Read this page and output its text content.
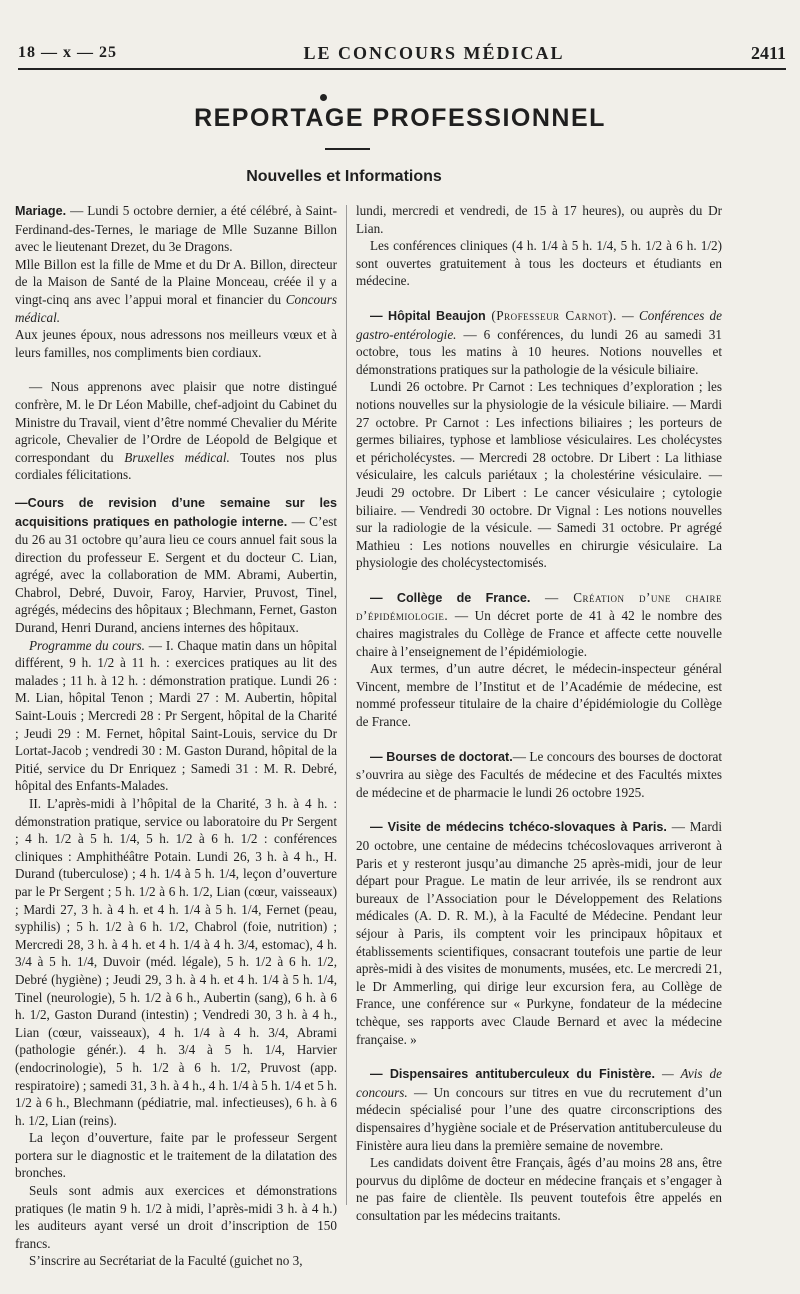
18 — x — 25	LE CONCOURS MÉDICAL	2411
REPORTAGE PROFESSIONNEL
Nouvelles et Informations

Mariage. — Lundi 5 octobre dernier, a été célébré, à Saint-Ferdinand-des-Ternes, le mariage de Mlle Suzanne Billon avec le lieutenant Drezet, du 3e Dragons.

Mlle Billon est la fille de Mme et du Dr A. Billon, directeur de la Maison de Santé de la Plaine Monceau, créée il y a vingt-cinq ans avec l’appui moral et financier du Concours médical.

Aux jeunes époux, nous adressons nos meilleurs vœux et à leurs familles, nos compliments bien cordiaux.

— Nous apprenons avec plaisir que notre distingué confrère, M. le Dr Léon Mabille, chef-adjoint du Cabinet du Ministre du Travail, vient d’être nommé Chevalier du Mérite agricole, Chevalier de l’Ordre de Léopold de Belgique et correspondant du Bruxelles médical. Toutes nos plus cordiales félicitations.

—Cours de revision d’une semaine sur les acquisitions pratiques en pathologie interne. — C’est du 26 au 31 octobre qu’aura lieu ce cours annuel fait sous la direction du professeur E. Sergent et du docteur C. Lian, agrégé, avec la collaboration de MM. Abrami, Aubertin, Chabrol, Debré, Duvoir, Faroy, Harvier, Pruvost, Tinel, agrégés, médecins des hôpitaux ; Blechmann, Fernet, Gaston Durand, Henri Durand, anciens internes des hôpitaux.

Programme du cours. — I. Chaque matin dans un hôpital différent, 9 h. 1/2 à 11 h. : exercices pratiques au lit des malades ; 11 h. à 12 h. : démonstration pratique. Lundi 26 : M. Lian, hôpital Tenon ; Mardi 27 : M. Aubertin, hôpital Saint-Louis ; Mercredi 28 : Pr Sergent, hôpital de la Charité ; Jeudi 29 : M. Fernet, hôpital Saint-Louis, service du Dr Lortat-Jacob ; vendredi 30 : M. Gaston Durand, hôpital de la Pitié, service du Dr Enriquez ; Samedi 31 : M. R. Debré, hôpital des Enfants-Malades.

II. L’après-midi à l’hôpital de la Charité, 3 h. à 4 h. : démonstration pratique, service ou laboratoire du Pr Sergent ; 4 h. 1/2 à 5 h. 1/4, 5 h. 1/2 à 6 h. 1/2 : conférences cliniques : Amphithéâtre Potain. Lundi 26, 3 h. à 4 h., H. Durand (tuberculose) ; 4 h. 1/4 à 5 h. 1/4, leçon d’ouverture par le Pr Sergent ; 5 h. 1/2 à 6 h. 1/2, Lian (cœur, vaisseaux) ; Mardi 27, 3 h. à 4 h. et 4 h. 1/4 à 5 h. 1/4, Fernet (peau, syphilis) ; 5 h. 1/2 à 6 h. 1/2, Chabrol (foie, nutrition) ; Mercredi 28, 3 h. à 4 h. et 4 h. 1/4 à 4 h. 3/4, estomac), 4 h. 3/4 à 5 h. 1/4, Duvoir (méd. légale), 5 h. 1/2 à 6 h. 1/2, Debré (hygiène) ; Jeudi 29, 3 h. à 4 h. et 4 h. 1/4 à 5 h. 1/4, Tinel (neurologie), 5 h. 1/2 à 6 h., Aubertin (sang), 6 h. à 6 h. 1/2, Gaston Durand (intestin) ; Vendredi 30, 3 h. à 4 h., Lian (cœur, vaisseaux), 4 h. 1/4 à 4 h. 3/4, Abrami (pathologie génér.). 4 h. 3/4 à 5 h. 1/4, Harvier (endocrinologie), 5 h. 1/2 à 6 h. 1/2, Pruvost (app. respiratoire) ; samedi 31, 3 h. à 4 h., 4 h. 1/4 à 5 h. 1/4 et 5 h. 1/2 à 6 h., Blechmann (pédiatrie, mal. infectieuses), 6 h. à 6 h. 1/2, Lian (reins).

La leçon d’ouverture, faite par le professeur Sergent portera sur le diagnostic et le traitement de la dilatation des bronches.

Seuls sont admis aux exercices et démonstrations pratiques (le matin 9 h. 1/2 à midi, l’après-midi 3 h. à 4 h.) les auditeurs ayant versé un droit d’inscription de 150 francs.

S’inscrire au Secrétariat de la Faculté (guichet no 3,

lundi, mercredi et vendredi, de 15 à 17 heures), ou auprès du Dr Lian.

Les conférences cliniques (4 h. 1/4 à 5 h. 1/4, 5 h. 1/2 à 6 h. 1/2) sont ouvertes gratuitement à tous les docteurs et étudiants en médecine.

— Hôpital Beaujon (Professeur Carnot). — Conférences de gastro-entérologie. — 6 conférences, du lundi 26 au samedi 31 octobre, tous les matins à 10 heures. Notions nouvelles et démonstrations pratiques sur la pathologie de la vésicule biliaire.

Lundi 26 octobre. Pr Carnot : Les techniques d’exploration ; les notions nouvelles sur la physiologie de la vésicule biliaire. — Mardi 27 octobre. Pr Carnot : Les infections biliaires ; les porteurs de germes biliaires, typhose et lambliose vésiculaires. Les cholécystes et péricholécystes. — Mercredi 28 octobre. Dr Libert : La lithiase vésiculaire, les calculs pariétaux ; la cholestérine vésiculaire. — Jeudi 29 octobre. Dr Libert : Le cancer vésiculaire ; cytologie biliaire. — Vendredi 30 octobre. Dr Vignal : Les notions nouvelles sur la radiologie de la vésicule. — Samedi 31 octobre. Pr agrégé Mathieu : Les notions nouvelles en chirurgie vésiculaire. La physiologie des cholécystectomisés.

— Collège de France. — Création d’une chaire d’épidémiologie. — Un décret porte de 41 à 42 le nombre des chaires magistrales du Collège de France et affecte cette nouvelle chaire à l’enseignement de l’épidémiologie.

Aux termes, d’un autre décret, le médecin-inspecteur général Vincent, membre de l’Institut et de l’Académie de médecine, est nommé professeur titulaire de la chaire d’épidémiologie du Collège de France.

— Bourses de doctorat.— Le concours des bourses de doctorat s’ouvrira au siège des Facultés de médecine et des Facultés mixtes de médecine et de pharmacie le lundi 26 octobre 1925.

— Visite de médecins tchéco-slovaques à Paris. — Mardi 20 octobre, une centaine de médecins tchécoslovaques arriveront à Paris et y resteront jusqu’au dimanche 25 après-midi, jour de leur départ pour Prague. Le matin de leur arrivée, ils se rendront aux bureaux de l’Association pour le Développement des Relations médicales (A. D. R. M.), à la Faculté de Médecine. Pendant leur séjour à Paris, ils comptent voir les principaux hôpitaux et établissements scientifiques, consacrant toutefois une partie de leur après-midi à des visites de monuments, musées, etc. Le mercredi 21, le Dr Ammerling, qui dirige leur excursion fera, au Collège de France, une conférence sur « Purkyne, fondateur de la médecine tchèque, ses rapports avec Claude Bernard et avec la médecine française. »

— Dispensaires antituberculeux du Finistère. — Avis de concours. — Un concours sur titres en vue du recrutement d’un médecin spécialisé pour l’une des quatre circonscriptions des dispensaires d’hygiène sociale et de Préservation antituberculeuse du Finistère aura lieu dans la première semaine de novembre.

Les candidats doivent être Français, âgés d’au moins 28 ans, être pourvus du diplôme de docteur en médecine français et s’engager à ne pas faire de clientèle. Ils peuvent toutefois être appelés en consultation par les médecins traitants.
